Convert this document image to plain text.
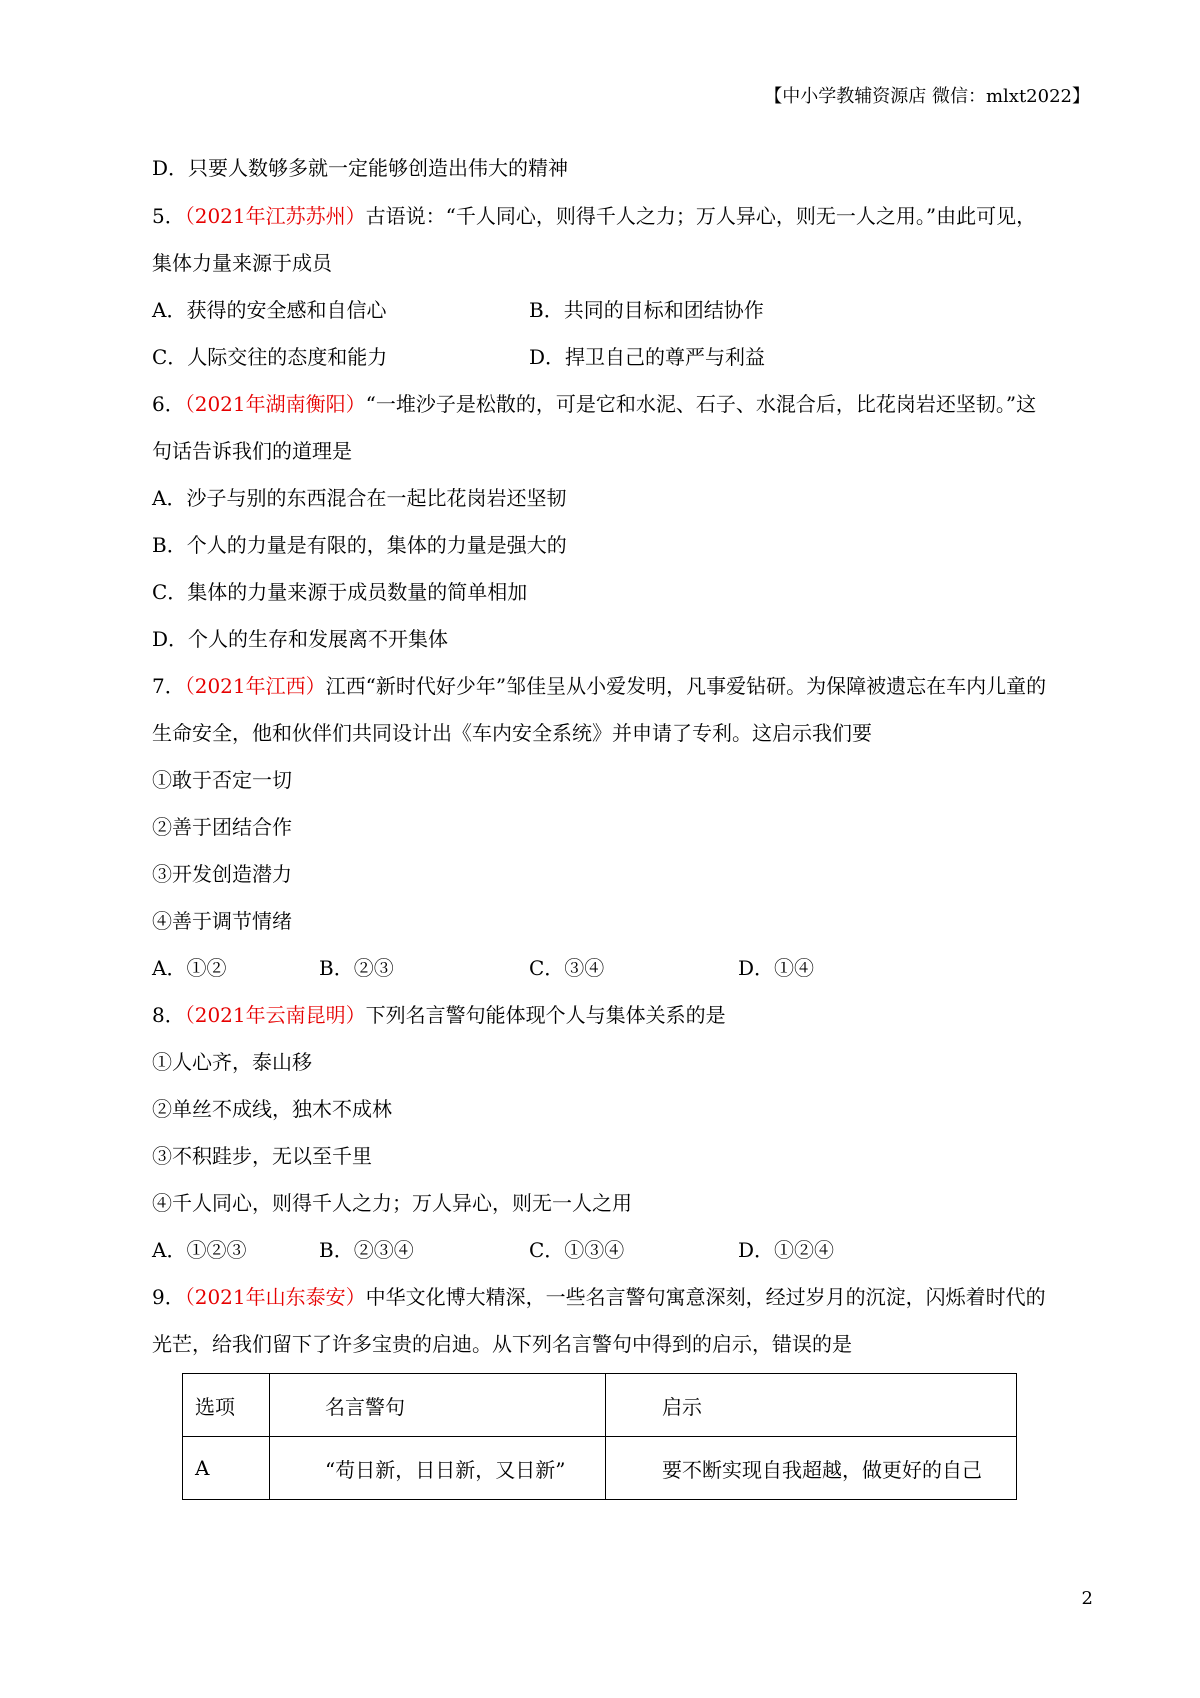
【中小学教辅资源店 微信：mlxt2022】
D．只要人数够多就一定能够创造出伟大的精神
5．（2021年江苏苏州）古语说：“千人同心，则得千人之力；万人异心，则无一人之用。”由此可见，
集体力量来源于成员
A．获得的安全感和自信心	B．共同的目标和团结协作
C．人际交往的态度和能力	D．捍卫自己的尊严与利益
6．（2021年湖南衡阳）“一堆沙子是松散的，可是它和水泥、石子、水混合后，比花岗岩还坚韧。”这
句话告诉我们的道理是
A．沙子与别的东西混合在一起比花岗岩还坚韧
B．个人的力量是有限的，集体的力量是强大的
C．集体的力量来源于成员数量的简单相加
D．个人的生存和发展离不开集体
7．（2021年江西）江西“新时代好少年”邹佳呈从小爱发明，凡事爱钻研。为保障被遗忘在车内儿童的
生命安全，他和伙伴们共同设计出《车内安全系统》并申请了专利。这启示我们要
①敢于否定一切
②善于团结合作
③开发创造潜力
④善于调节情绪
A．①②	B．②③	C．③④	D．①④
8．（2021年云南昆明）下列名言警句能体现个人与集体关系的是
①人心齐，泰山移
②单丝不成线，独木不成林
③不积跬步，无以至千里
④千人同心，则得千人之力；万人异心，则无一人之用
A．①②③	B．②③④	C．①③④	D．①②④
9．（2021年山东泰安）中华文化博大精深，一些名言警句寓意深刻，经过岁月的沉淀，闪烁着时代的
光芒，给我们留下了许多宝贵的启迪。从下列名言警句中得到的启示，错误的是
选项	名言警句	启示
A	“苟日新，日日新，又日新”	要不断实现自我超越，做更好的自己
2
